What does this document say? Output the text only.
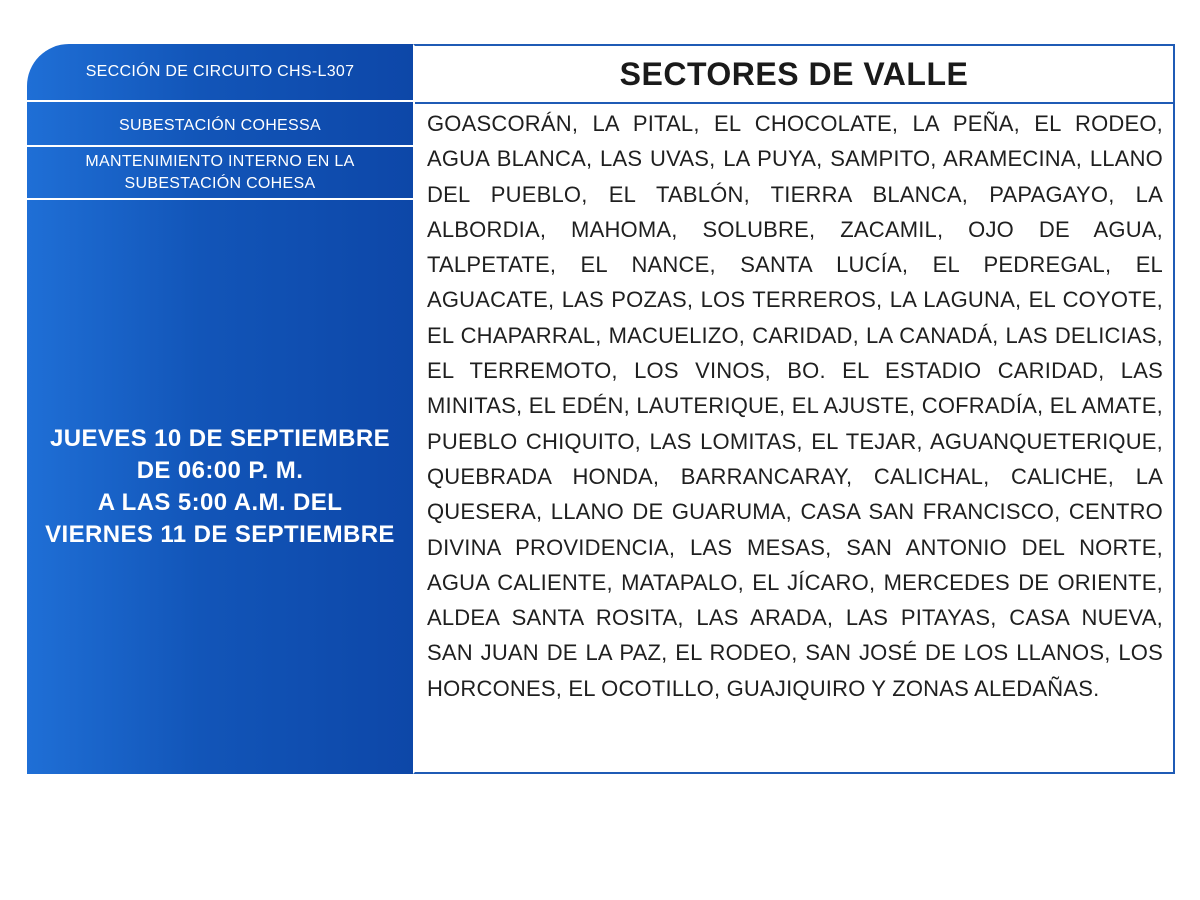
SECCIÓN DE CIRCUITO CHS-L307
SUBESTACIÓN COHESSA
MANTENIMIENTO INTERNO EN LA
SUBESTACIÓN COHESA
JUEVES 10 DE SEPTIEMBRE
DE 06:00 P. M.
A LAS 5:00 A.M. DEL
VIERNES 11 DE SEPTIEMBRE
SECTORES DE VALLE
GOASCORÁN, LA PITAL, EL CHOCOLATE, LA PEÑA, EL RODEO, AGUA BLANCA, LAS UVAS, LA PUYA, SAMPITO, ARAMECINA, LLANO DEL PUEBLO, EL TABLÓN, TIERRA BLANCA, PAPAGAYO, LA ALBORDIA, MAHOMA, SOLUBRE, ZACAMIL, OJO DE AGUA, TALPETATE, EL NANCE, SANTA LUCÍA, EL PEDREGAL, EL AGUACATE, LAS POZAS, LOS TERREROS, LA LAGUNA, EL COYOTE, EL CHAPARRAL, MACUELIZO, CARIDAD, LA CANADÁ, LAS DELICIAS, EL TERREMOTO, LOS VINOS, BO. EL ESTADIO CARIDAD, LAS MINITAS, EL EDÉN, LAUTERIQUE, EL AJUSTE, COFRADÍA, EL AMATE, PUEBLO CHIQUITO, LAS LOMITAS, EL TEJAR, AGUANQUETERIQUE, QUEBRADA HONDA, BARRANCARAY, CALICHAL, CALICHE, LA QUESERA, LLANO DE GUARUMA, CASA SAN FRANCISCO, CENTRO DIVINA PROVIDENCIA, LAS MESAS, SAN ANTONIO DEL NORTE, AGUA CALIENTE, MATAPALO, EL JÍCARO, MERCEDES DE ORIENTE, ALDEA SANTA ROSITA, LAS ARADA, LAS PITAYAS, CASA NUEVA, SAN JUAN DE LA PAZ, EL RODEO, SAN JOSÉ DE LOS LLANOS, LOS HORCONES, EL OCOTILLO, GUAJIQUIRO Y ZONAS ALEDAÑAS.
